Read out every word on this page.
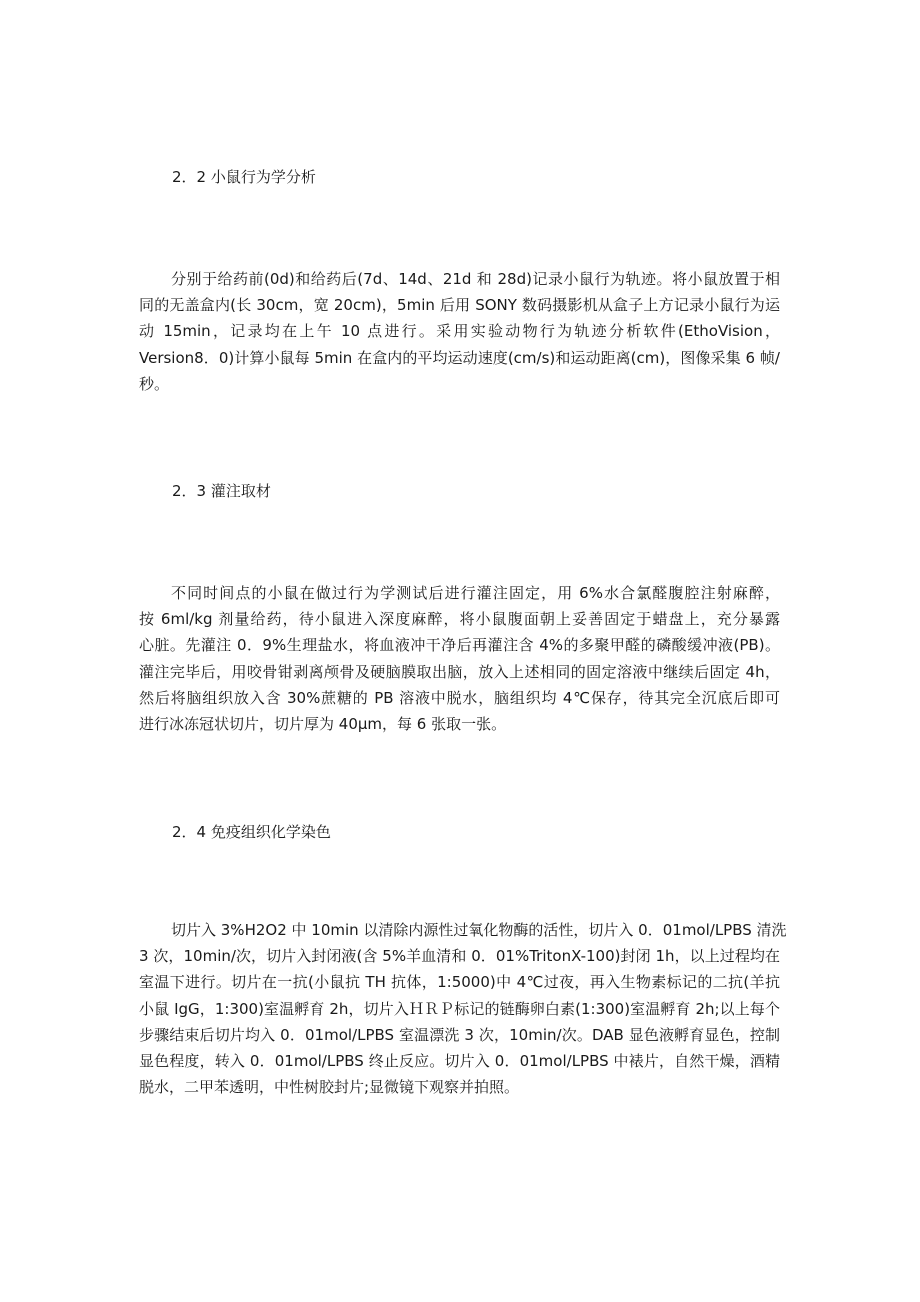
2．2 小鼠行为学分析
分别于给药前(0d)和给药后(7d、14d、21d 和 28d)记录小鼠行为轨迹。将小鼠放置于相
同的无盖盒内(长 30cm，宽 20cm)，5min 后用 SONY 数码摄影机从盒子上方记录小鼠行为运
动 15min，记录均在上午 10 点进行。采用实验动物行为轨迹分析软件(EthoVision，
Version8．0)计算小鼠每 5min 在盒内的平均运动速度(cm/s)和运动距离(cm)，图像采集 6 帧/
秒。
2．3 灌注取材
不同时间点的小鼠在做过行为学测试后进行灌注固定，用 6%水合氯醛腹腔注射麻醉，
按 6ml/kg 剂量给药，待小鼠进入深度麻醉，将小鼠腹面朝上妥善固定于蜡盘上，充分暴露
心脏。先灌注 0．9%生理盐水，将血液冲干净后再灌注含 4%的多聚甲醛的磷酸缓冲液(PB)。
灌注完毕后，用咬骨钳剥离颅骨及硬脑膜取出脑，放入上述相同的固定溶液中继续后固定 4h，
然后将脑组织放入含 30%蔗糖的 PB 溶液中脱水，脑组织均 4℃保存，待其完全沉底后即可
进行冰冻冠状切片，切片厚为 40μm，每 6 张取一张。
2．4 免疫组织化学染色
切片入 3%H2O2 中 10min 以清除内源性过氧化物酶的活性，切片入 0．01mol/LPBS 清洗
3 次，10min/次，切片入封闭液(含 5%羊血清和 0．01%TritonX-100)封闭 1h，以上过程均在
室温下进行。切片在一抗(小鼠抗 TH 抗体，1:5000)中 4℃过夜，再入生物素标记的二抗(羊抗
小鼠 IgG，1:300)室温孵育 2h，切片入ＨＲＰ标记的链酶卵白素(1:300)室温孵育 2h;以上每个
步骤结束后切片均入 0．01mol/LPBS 室温漂洗 3 次，10min/次。DAB 显色液孵育显色，控制
显色程度，转入 0．01mol/LPBS 终止反应。切片入 0．01mol/LPBS 中裱片，自然干燥，酒精
脱水，二甲苯透明，中性树胶封片;显微镜下观察并拍照。
